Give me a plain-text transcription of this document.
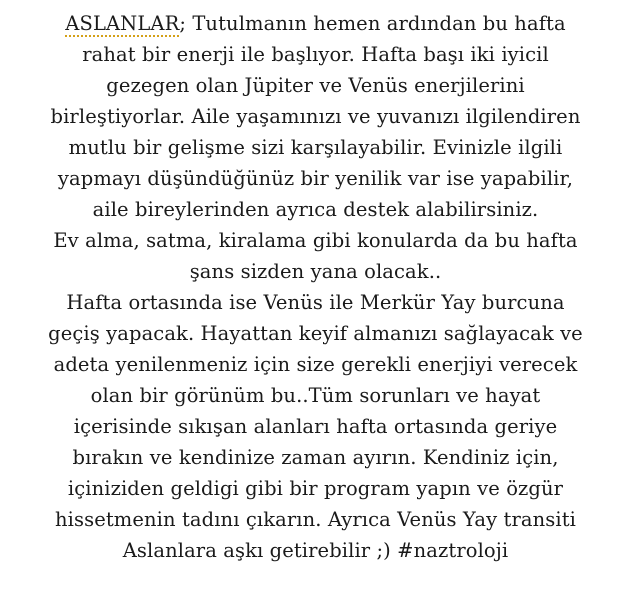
ASLANLAR; Tutulmanın hemen ardından bu hafta
rahat bir enerji ile başlıyor. Hafta başı iki iyicil
gezegen olan Jüpiter ve Venüs enerjilerini
birleştiyorlar. Aile yaşamınızı ve yuvanızı ilgilendiren
mutlu bir gelişme sizi karşılayabilir. Evinizle ilgili
yapmayı düşündüğünüz bir yenilik var ise yapabilir,
aile bireylerinden ayrıca destek alabilirsiniz.
Ev alma, satma, kiralama gibi konularda da bu hafta
şans sizden yana olacak..
Hafta ortasında ise Venüs ile Merkür Yay burcuna
geçiş yapacak. Hayattan keyif almanızı sağlayacak ve
adeta yenilenmeniz için size gerekli enerjiyi verecek
olan bir görünüm bu..Tüm sorunları ve hayat
içerisinde sıkışan alanları hafta ortasında geriye
bırakın ve kendinize zaman ayırın. Kendiniz için,
içiniziden geldigi gibi bir program yapın ve özgür
hissetmenin tadını çıkarın. Ayrıca Venüs Yay transiti
Aslanlara aşkı getirebilir ;) #naztroloji
